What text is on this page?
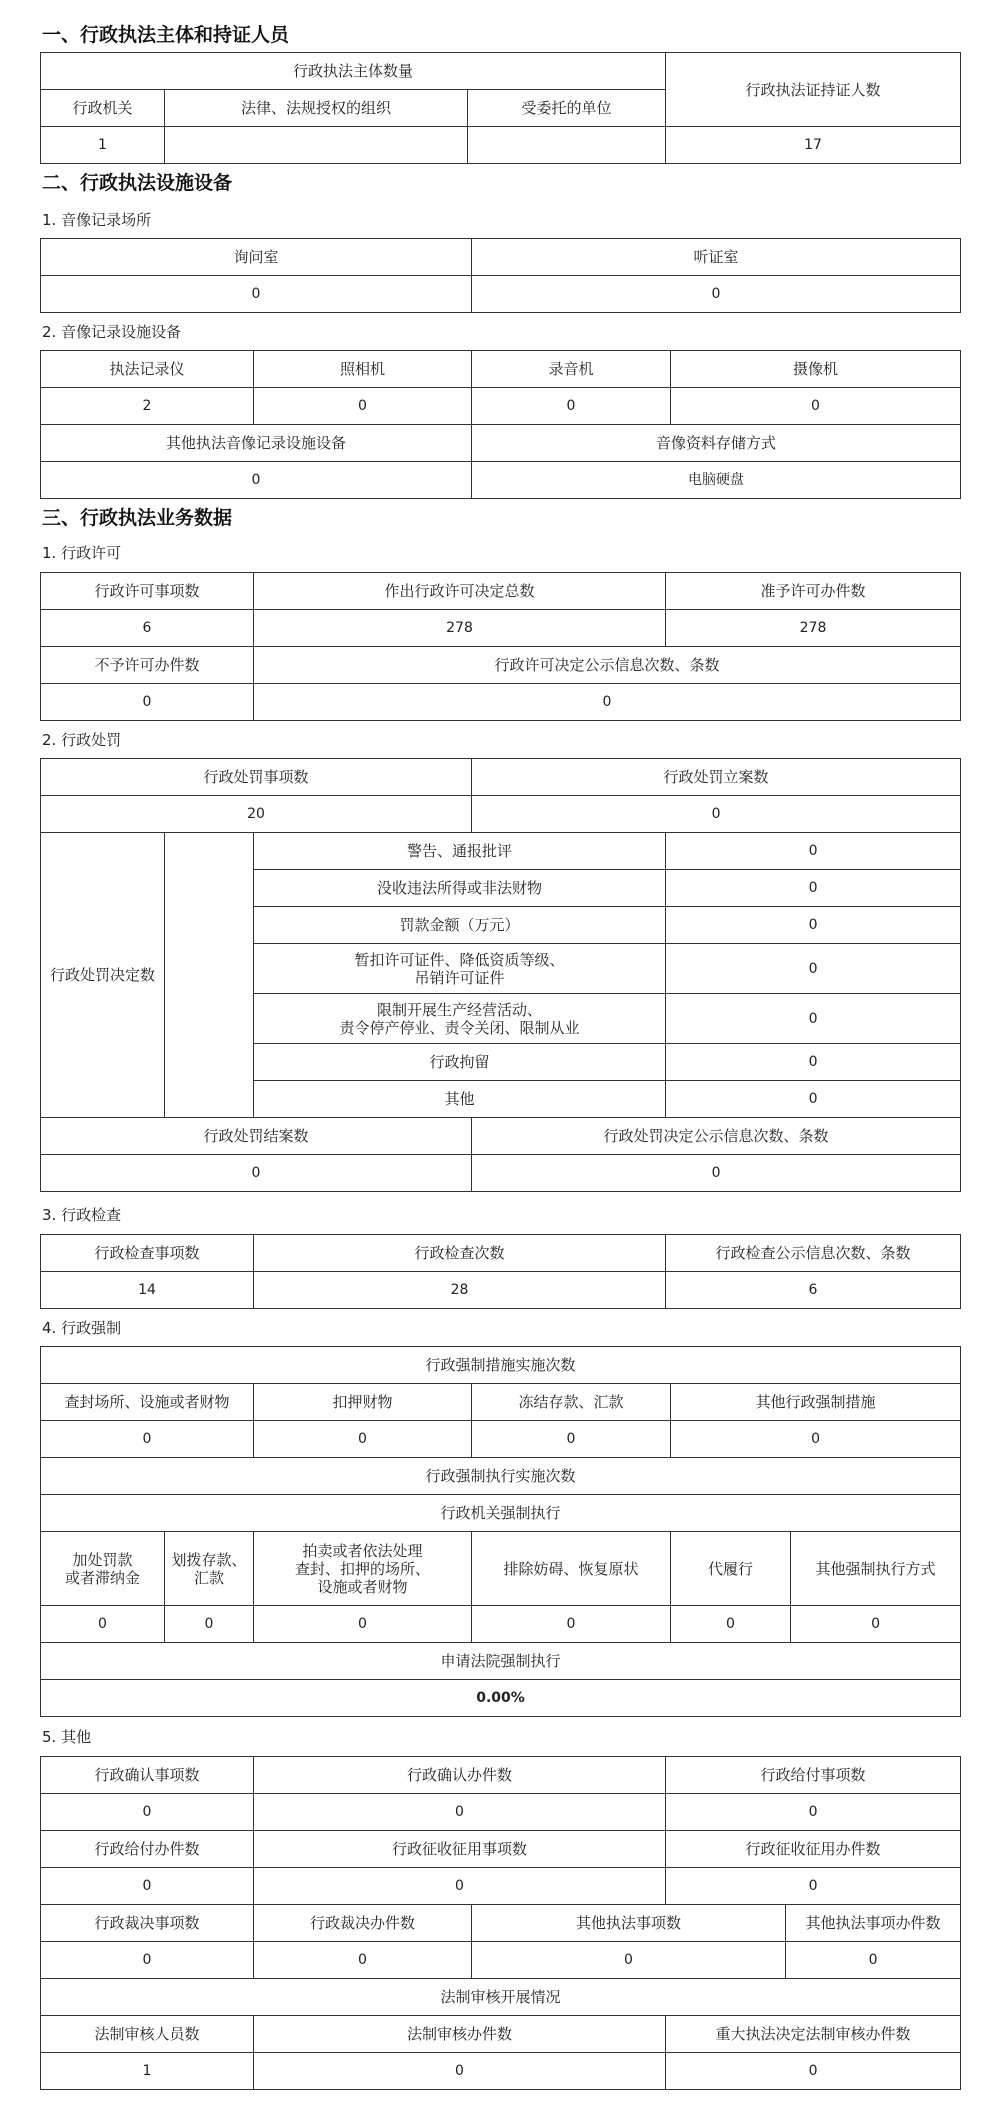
一、行政执法主体和持证人员
行政执法主体数量			行政执法证持证人数
行政机关	法律、法规授权的组织	受委托的单位	
1			17
二、行政执法设施设备
1. 音像记录场所
询问室	听证室
0	0
2. 音像记录设施设备
执法记录仪	照相机	录音机	摄像机
2	0	0	0
其他执法音像记录设施设备		音像资料存储方式	
0		电脑硬盘	
三、行政执法业务数据
1. 行政许可
行政许可事项数	作出行政许可决定总数	准予许可办件数
6	278	278
不予许可办件数	行政许可决定公示信息次数、条数	
0	0	
2. 行政处罚
行政处罚事项数			行政处罚立案数	
20			0	
行政处罚决定数		警告、通报批评		0
		没收违法所得或非法财物		0
		罚款金额（万元）		0

		暂扣许可证件、降低资质等级、
吊销许可证件		0

		限制开展生产经营活动、
责令停产停业、责令关闭、限制从业		0
		行政拘留		0
		其他		0
行政处罚结案数			行政处罚决定公示信息次数、条数	
0			0	
3. 行政检查
行政检查事项数	行政检查次数	行政检查公示信息次数、条数
14	28	6
4. 行政强制
行政强制措施实施次数					
查封场所、设施或者财物		扣押财物	冻结存款、汇款	其他行政强制措施	
0		0	0	0	
行政强制执行实施次数					
行政机关强制执行					

加处罚款
或者滞纳金	划拨存款、
汇款	拍卖或者依法处理
查封、扣押的场所、
设施或者财物	排除妨碍、恢复原状	代履行	其他强制执行方式
0	0	0	0	0	0
申请法院强制执行					
0.00%					
5. 其他
行政确认事项数	行政确认办件数		行政给付事项数	
0	0		0	
行政给付办件数	行政征收征用事项数		行政征收征用办件数	
0	0		0	
行政裁决事项数	行政裁决办件数	其他执法事项数		其他执法事项办件数
0	0	0		0
法制审核开展情况				
法制审核人员数	法制审核办件数		重大执法决定法制审核办件数	
1	0		0	
